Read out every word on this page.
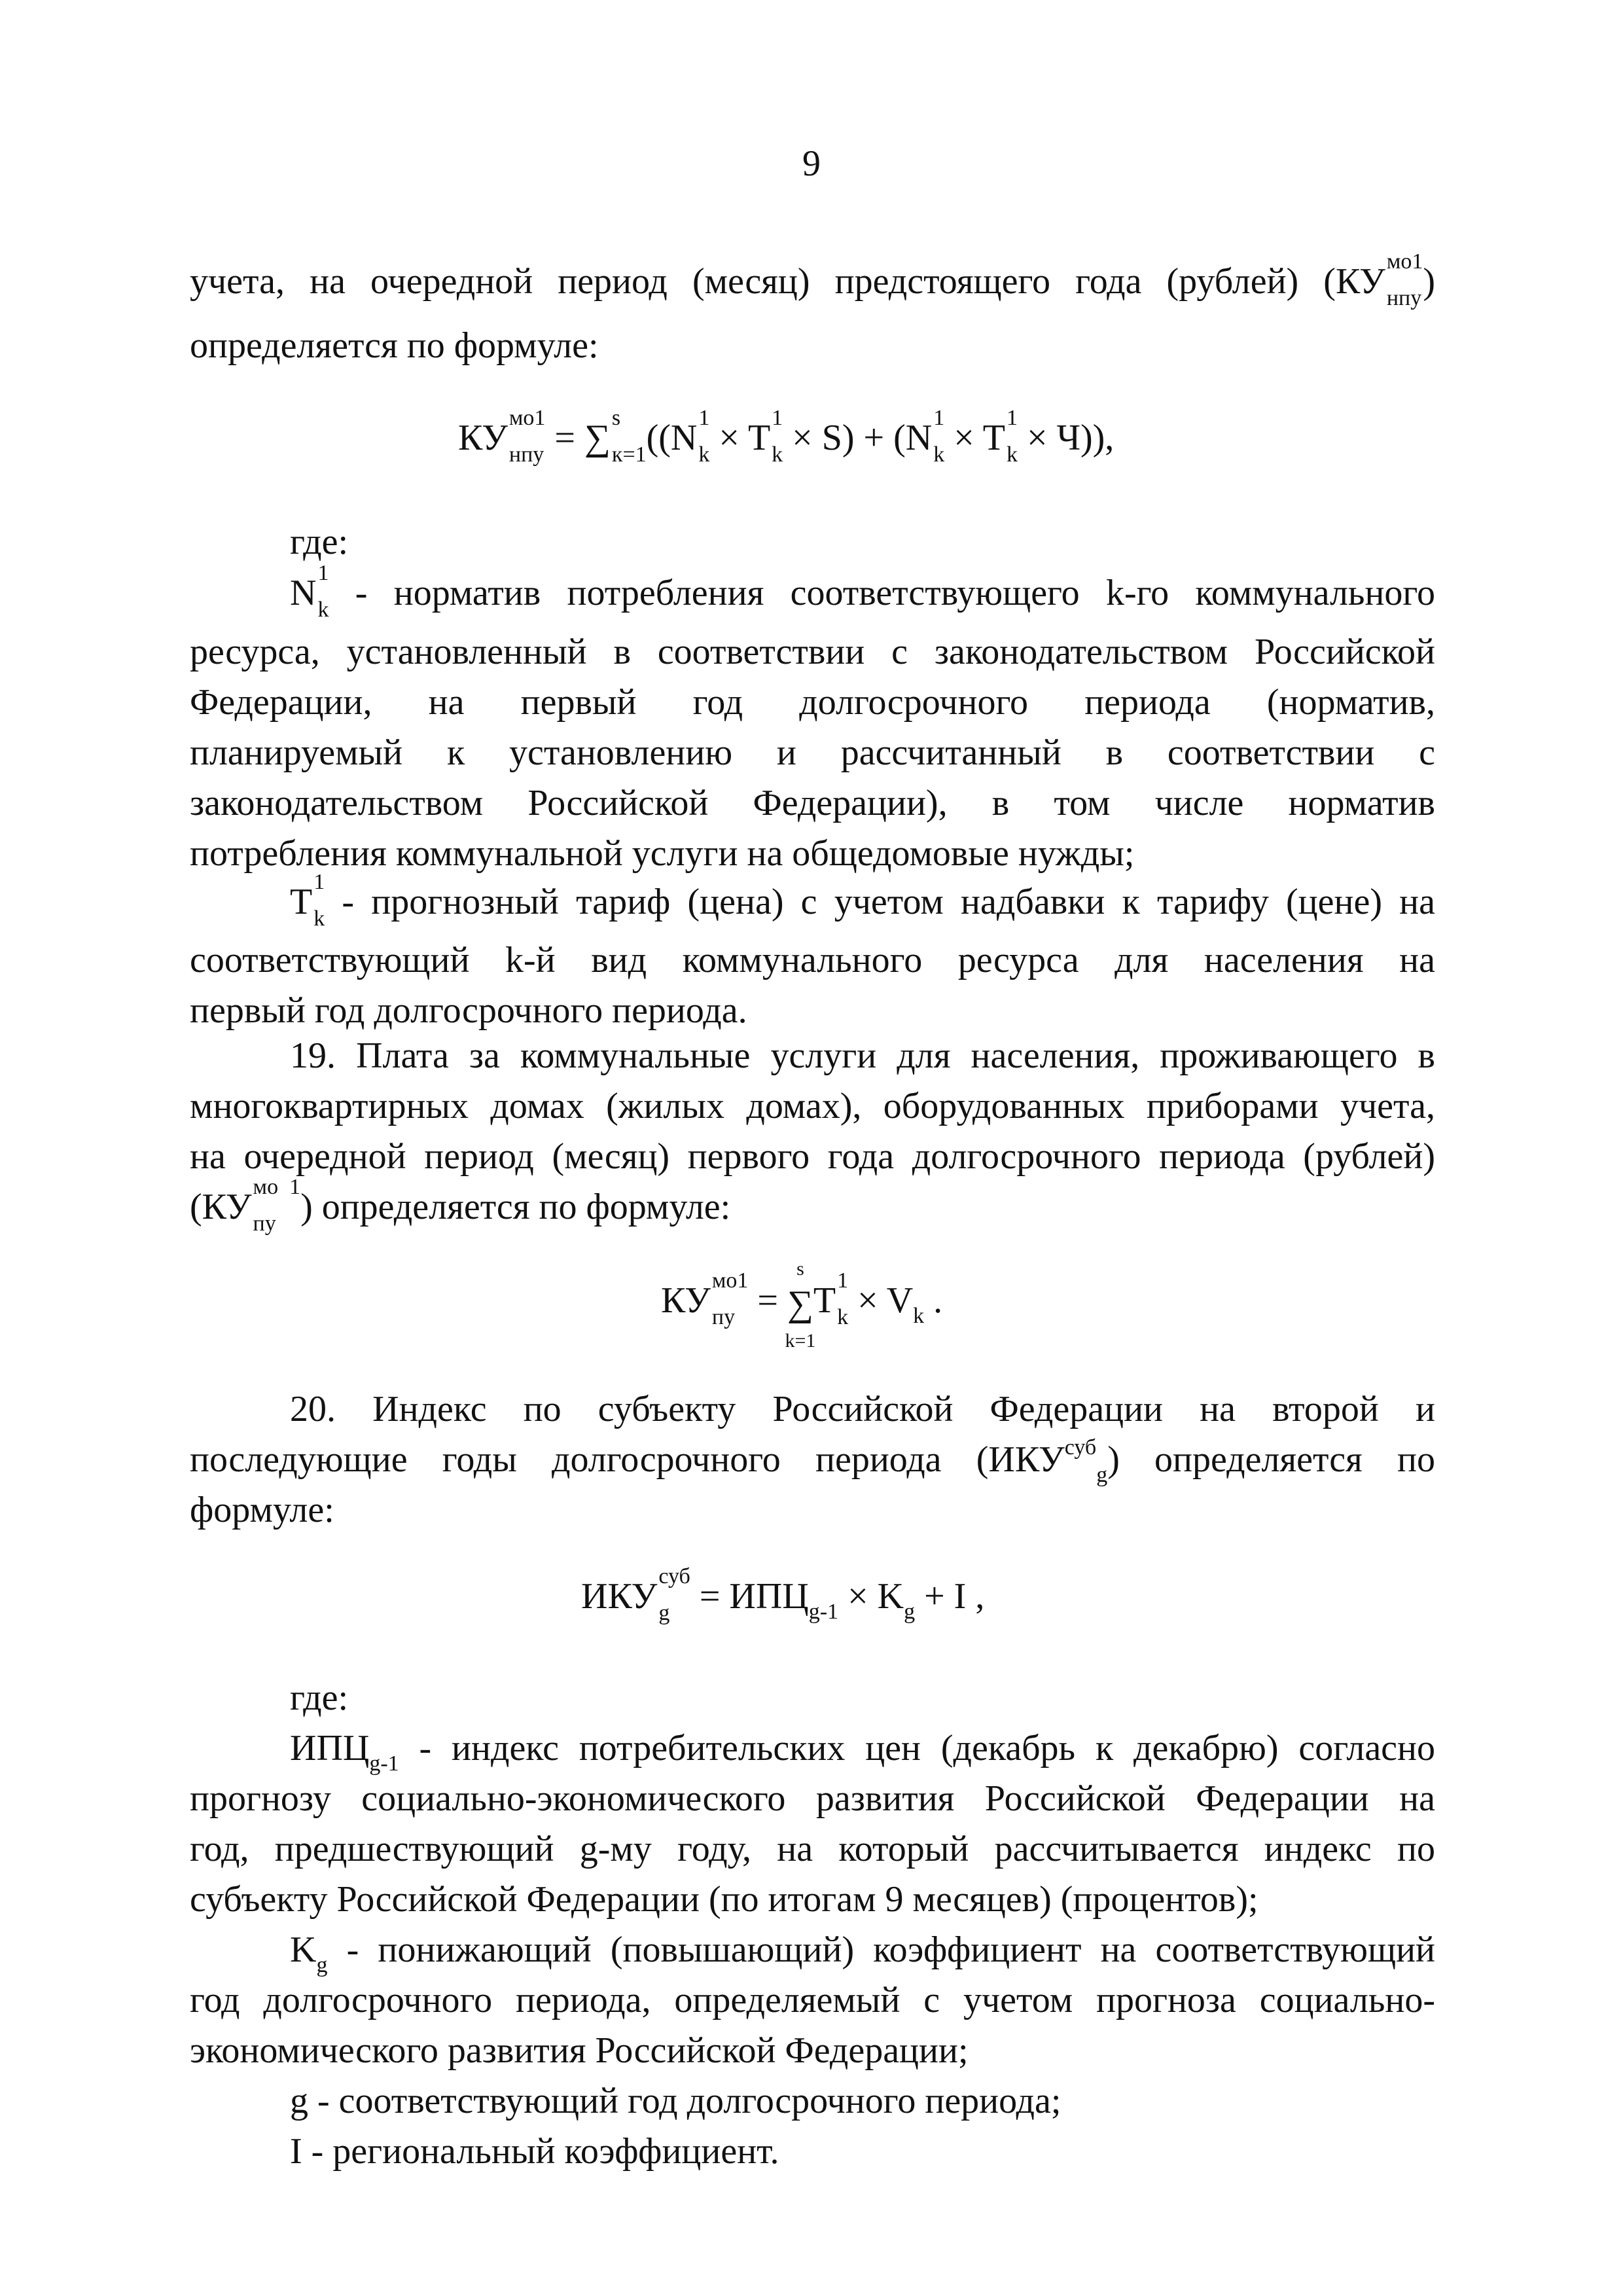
9
учета, на очередной период (месяц) предстоящего года (рублей) (КУ мо1
нпу )
определяется по формуле:
КУ мо1
нпу = ∑ s
к=1 ((N 1
k × T 1
k × S) + (N 1
k × T 1
k × Ч)),
где:
N 1
k - норматив потребления соответствующего k-го коммунального
ресурса, установленный в соответствии с законодательством Российской
Федерации, на первый год долгосрочного периода (норматив,
планируемый к установлению и рассчитанный в соответствии с
законодательством Российской Федерации), в том числе норматив
потребления коммунальной услуги на общедомовые нужды;
T 1
k - прогнозный тариф (цена) с учетом надбавки к тарифу (цене) на
соответствующий k-й вид коммунального ресурса для населения на
первый год долгосрочного периода.
19. Плата за коммунальные услуги для населения, проживающего в
многоквартирных домах (жилых домах), оборудованных приборами учета,
на очередной период (месяц) первого года долгосрочного периода (рублей)
(КУ мо 1
пу ) определяется по формуле:
КУ мо1
пу =
s
∑
k=1
T 1
$k \times V_k$ .
20. Индекс по субъекту Российской Федерации на второй и
последующие годы долгосрочного периода $(ИКУ^{суб}_g)$ определяется по
формуле:
ИКУ суб
$g = ИПЦ_{g-1} \times K_g + I$ ,
где:
$ИПЦ_{g-1}$ - индекс потребительских цен (декабрь к декабрю) согласно
прогнозу социально-экономического развития Российской Федерации на
год, предшествующий g-му году, на который рассчитывается индекс по
субъекту Российской Федерации (по итогам 9 месяцев) (процентов);
$K_g$ - понижающий (повышающий) коэффициент на соответствующий
год долгосрочного периода, определяемый с учетом прогноза социально-
экономического развития Российской Федерации;
g - соответствующий год долгосрочного периода;
I - региональный коэффициент.
